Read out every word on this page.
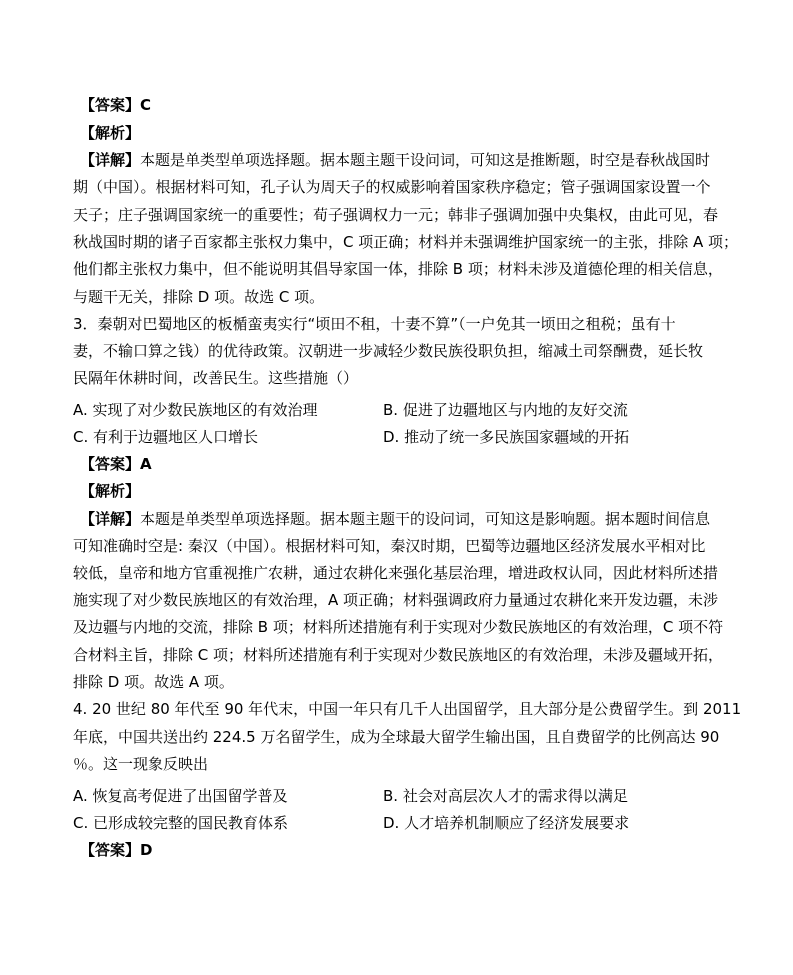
【答案】C
【解析】
【详解】本题是单类型单项选择题。据本题主题干设问词，可知这是推断题，时空是春秋战国时
期（中国）。根据材料可知，孔子认为周天子的权威影响着国家秩序稳定；管子强调国家设置一个
天子；庄子强调国家统一的重要性；荀子强调权力一元；韩非子强调加强中央集权，由此可见，春
秋战国时期的诸子百家都主张权力集中，C 项正确；材料并未强调维护国家统一的主张，排除 A 项；
他们都主张权力集中，但不能说明其倡导家国一体，排除 B 项；材料未涉及道德伦理的相关信息，
与题干无关，排除 D 项。故选 C 项。
3．秦朝对巴蜀地区的板楯蛮夷实行“顷田不租，十妻不算”（一户免其一顷田之租税；虽有十
妻，不输口算之钱）的优待政策。汉朝进一步减轻少数民族役职负担，缩减土司祭酬费，延长牧
民隔年休耕时间，改善民生。这些措施（）
A. 实现了对少数民族地区的有效治理	B. 促进了边疆地区与内地的友好交流
C. 有利于边疆地区人口增长	D. 推动了统一多民族国家疆域的开拓
【答案】A
【解析】
【详解】本题是单类型单项选择题。据本题主题干的设问词，可知这是影响题。据本题时间信息
可知准确时空是: 秦汉（中国）。根据材料可知，秦汉时期，巴蜀等边疆地区经济发展水平相对比
较低，皇帝和地方官重视推广农耕，通过农耕化来强化基层治理，增进政权认同，因此材料所述措
施实现了对少数民族地区的有效治理，A 项正确；材料强调政府力量通过农耕化来开发边疆，未涉
及边疆与内地的交流，排除 B 项；材料所述措施有利于实现对少数民族地区的有效治理，C 项不符
合材料主旨，排除 C 项；材料所述措施有利于实现对少数民族地区的有效治理，未涉及疆域开拓，
排除 D 项。故选 A 项。
4. 20 世纪 80 年代至 90 年代末，中国一年只有几千人出国留学，且大部分是公费留学生。到 2011
年底，中国共送出约 224.5 万名留学生，成为全球最大留学生输出国，且自费留学的比例高达 90
％。这一现象反映出
A. 恢复高考促进了出国留学普及	B. 社会对高层次人才的需求得以满足
C. 已形成较完整的国民教育体系	D. 人才培养机制顺应了经济发展要求
【答案】D
